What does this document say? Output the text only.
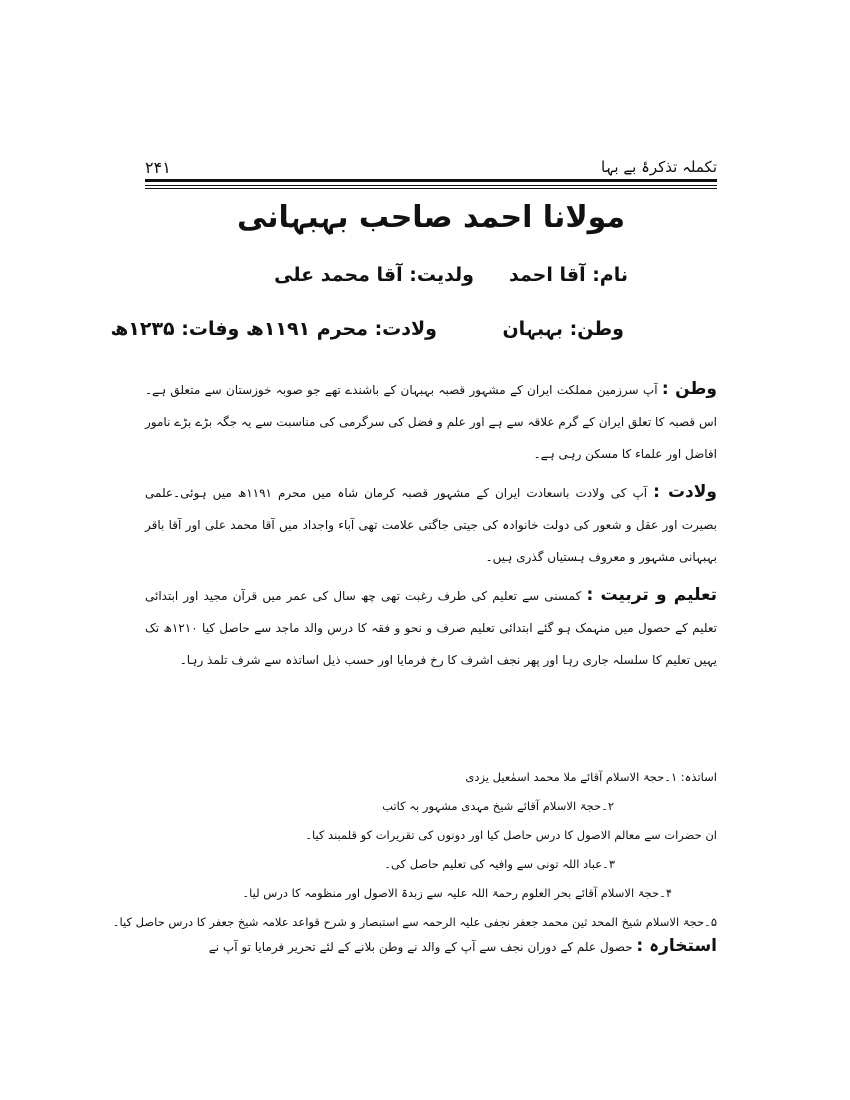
۲۴۱	تکملہ تذکرۂ بے بہا
مولانا احمد صاحب بہبہانی
نام: آقا احمد
ولدیت: آقا محمد علی
وطن: بہبہان
ولادت: محرم ۱۱۹۱ھ وفات: ۱۲۳۵ھ

وطن : آپ سرزمین مملکت ایران کے مشہور قصبہ بہبہان کے باشندے تھے جو صوبہ خوزستان سے متعلق ہے۔اس قصبہ کا تعلق ایران کے گرم علاقہ سے ہے اور علم و فضل کی سرگرمی کی مناسبت سے یہ جگہ بڑے بڑے نامور افاضل اور علماء کا مسکن رہی ہے۔

ولادت : آپ کی ولادت باسعادت ایران کے مشہور قصبہ کرمان شاہ میں محرم ۱۱۹۱ھ میں ہوئی۔علمی بصیرت اور عقل و شعور کی دولت خانوادہ کی جیتی جاگتی علامت تھی آباء واجداد میں آقا محمد علی اور آقا باقر بہبہانی مشہور و معروف ہستیاں گذری ہیں۔

تعلیم و تربیت : کمسنی سے تعلیم کی طرف رغبت تھی چھ سال کی عمر میں قرآن مجید اور ابتدائی تعلیم کے حصول میں منہمک ہو گئے ابتدائی تعلیم صرف و نحو و فقہ کا درس والد ماجد سے حاصل کیا ۱۲۱۰ھ تک یہیں تعلیم کا سلسلہ جاری رہا اور پھر نجف اشرف کا رخ فرمایا اور حسب ذیل اساتذہ سے شرف تلمذ رہا۔

اساتذہ: ۱۔حجۃ الاسلام آقائے ملا محمد اسمٰعیل یزدی
۲۔حجۃ الاسلام آقائے شیخ مہدی مشہور بہ کاتب
ان حضرات سے معالم الاصول کا درس حاصل کیا اور دونوں کی تقریرات کو قلمبند کیا۔
۳۔عباد اللہ تونی سے وافیہ کی تعلیم حاصل کی۔
۴۔حجۃ الاسلام آقائے بحر العلوم رحمۃ اللہ علیہ سے زبدۃ الاصول اور منظومہ کا درس لیا۔
۵۔حجۃ الاسلام شیخ المحد ثین محمد جعفر نجفی علیہ الرحمہ سے استبصار و شرح قواعد علامہ شیخ جعفر کا درس حاصل کیا۔
استخارہ : حصول علم کے دوران نجف سے آپ کے والد نے وطن بلانے کے لئے تحریر فرمایا تو آپ نے
